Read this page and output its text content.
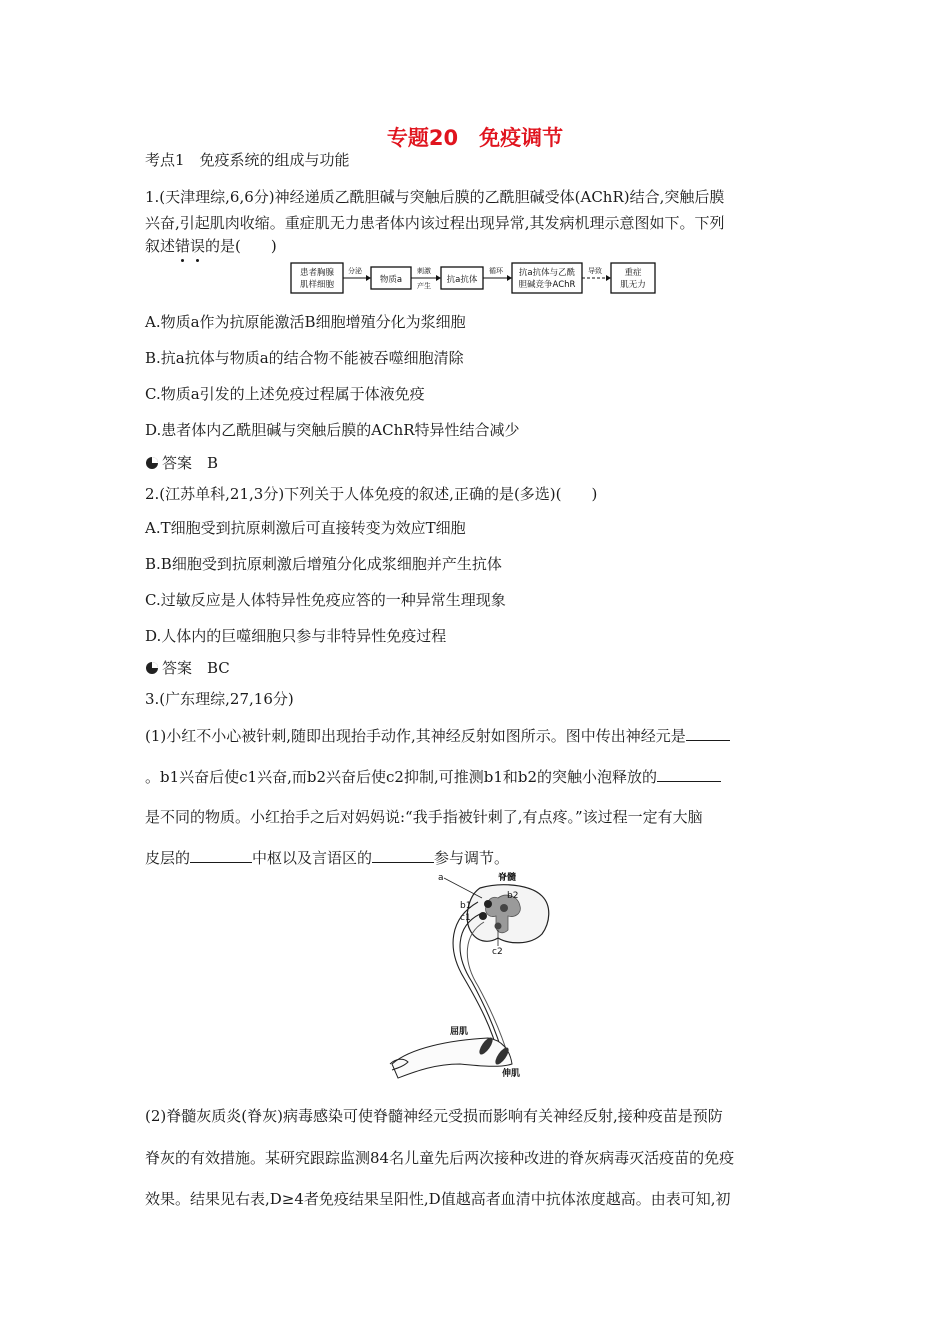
专题20　免疫调节
考点1　免疫系统的组成与功能
1.(天津理综,6,6分)神经递质乙酰胆碱与突触后膜的乙酰胆碱受体(AChR)结合,突触后膜
兴奋,引起肌肉收缩。重症肌无力患者体内该过程出现异常,其发病机理示意图如下。下列
叙述错误的是(　　)
患者胸腺
肌样细胞
分泌
物质a
刺激
产生
抗a抗体
循环 抗a抗体与乙酰
胆碱竞争AChR
导致	重症
肌无力
A.物质a作为抗原能激活B细胞增殖分化为浆细胞
B.抗a抗体与物质a的结合物不能被吞噬细胞清除
C.物质a引发的上述免疫过程属于体液免疫
D.患者体内乙酰胆碱与突触后膜的AChR特异性结合减少
答案　B
2.(江苏单科,21,3分)下列关于人体免疫的叙述,正确的是(多选)(　　)
A.T细胞受到抗原刺激后可直接转变为效应T细胞
B.B细胞受到抗原刺激后增殖分化成浆细胞并产生抗体
C.过敏反应是人体特异性免疫应答的一种异常生理现象
D.人体内的巨噬细胞只参与非特异性免疫过程
答案　BC
3.(广东理综,27,16分)
(1)小红不小心被针刺,随即出现抬手动作,其神经反射如图所示。图中传出神经元是
。b1兴奋后使c1兴奋,而b2兴奋后使c2抑制,可推测b1和b2的突触小泡释放的
是不同的物质。小红抬手之后对妈妈说:“我手指被针刺了,有点疼。”该过程一定有大脑
皮层的	中枢以及言语区的	参与调节。
a	脊髓
b1
b2
c1
c2
屈肌
伸肌
(2)脊髓灰质炎(脊灰)病毒感染可使脊髓神经元受损而影响有关神经反射,接种疫苗是预防
脊灰的有效措施。某研究跟踪监测84名儿童先后两次接种改进的脊灰病毒灭活疫苗的免疫
效果。结果见右表,D≥4者免疫结果呈阳性,D值越高者血清中抗体浓度越高。由表可知,初
